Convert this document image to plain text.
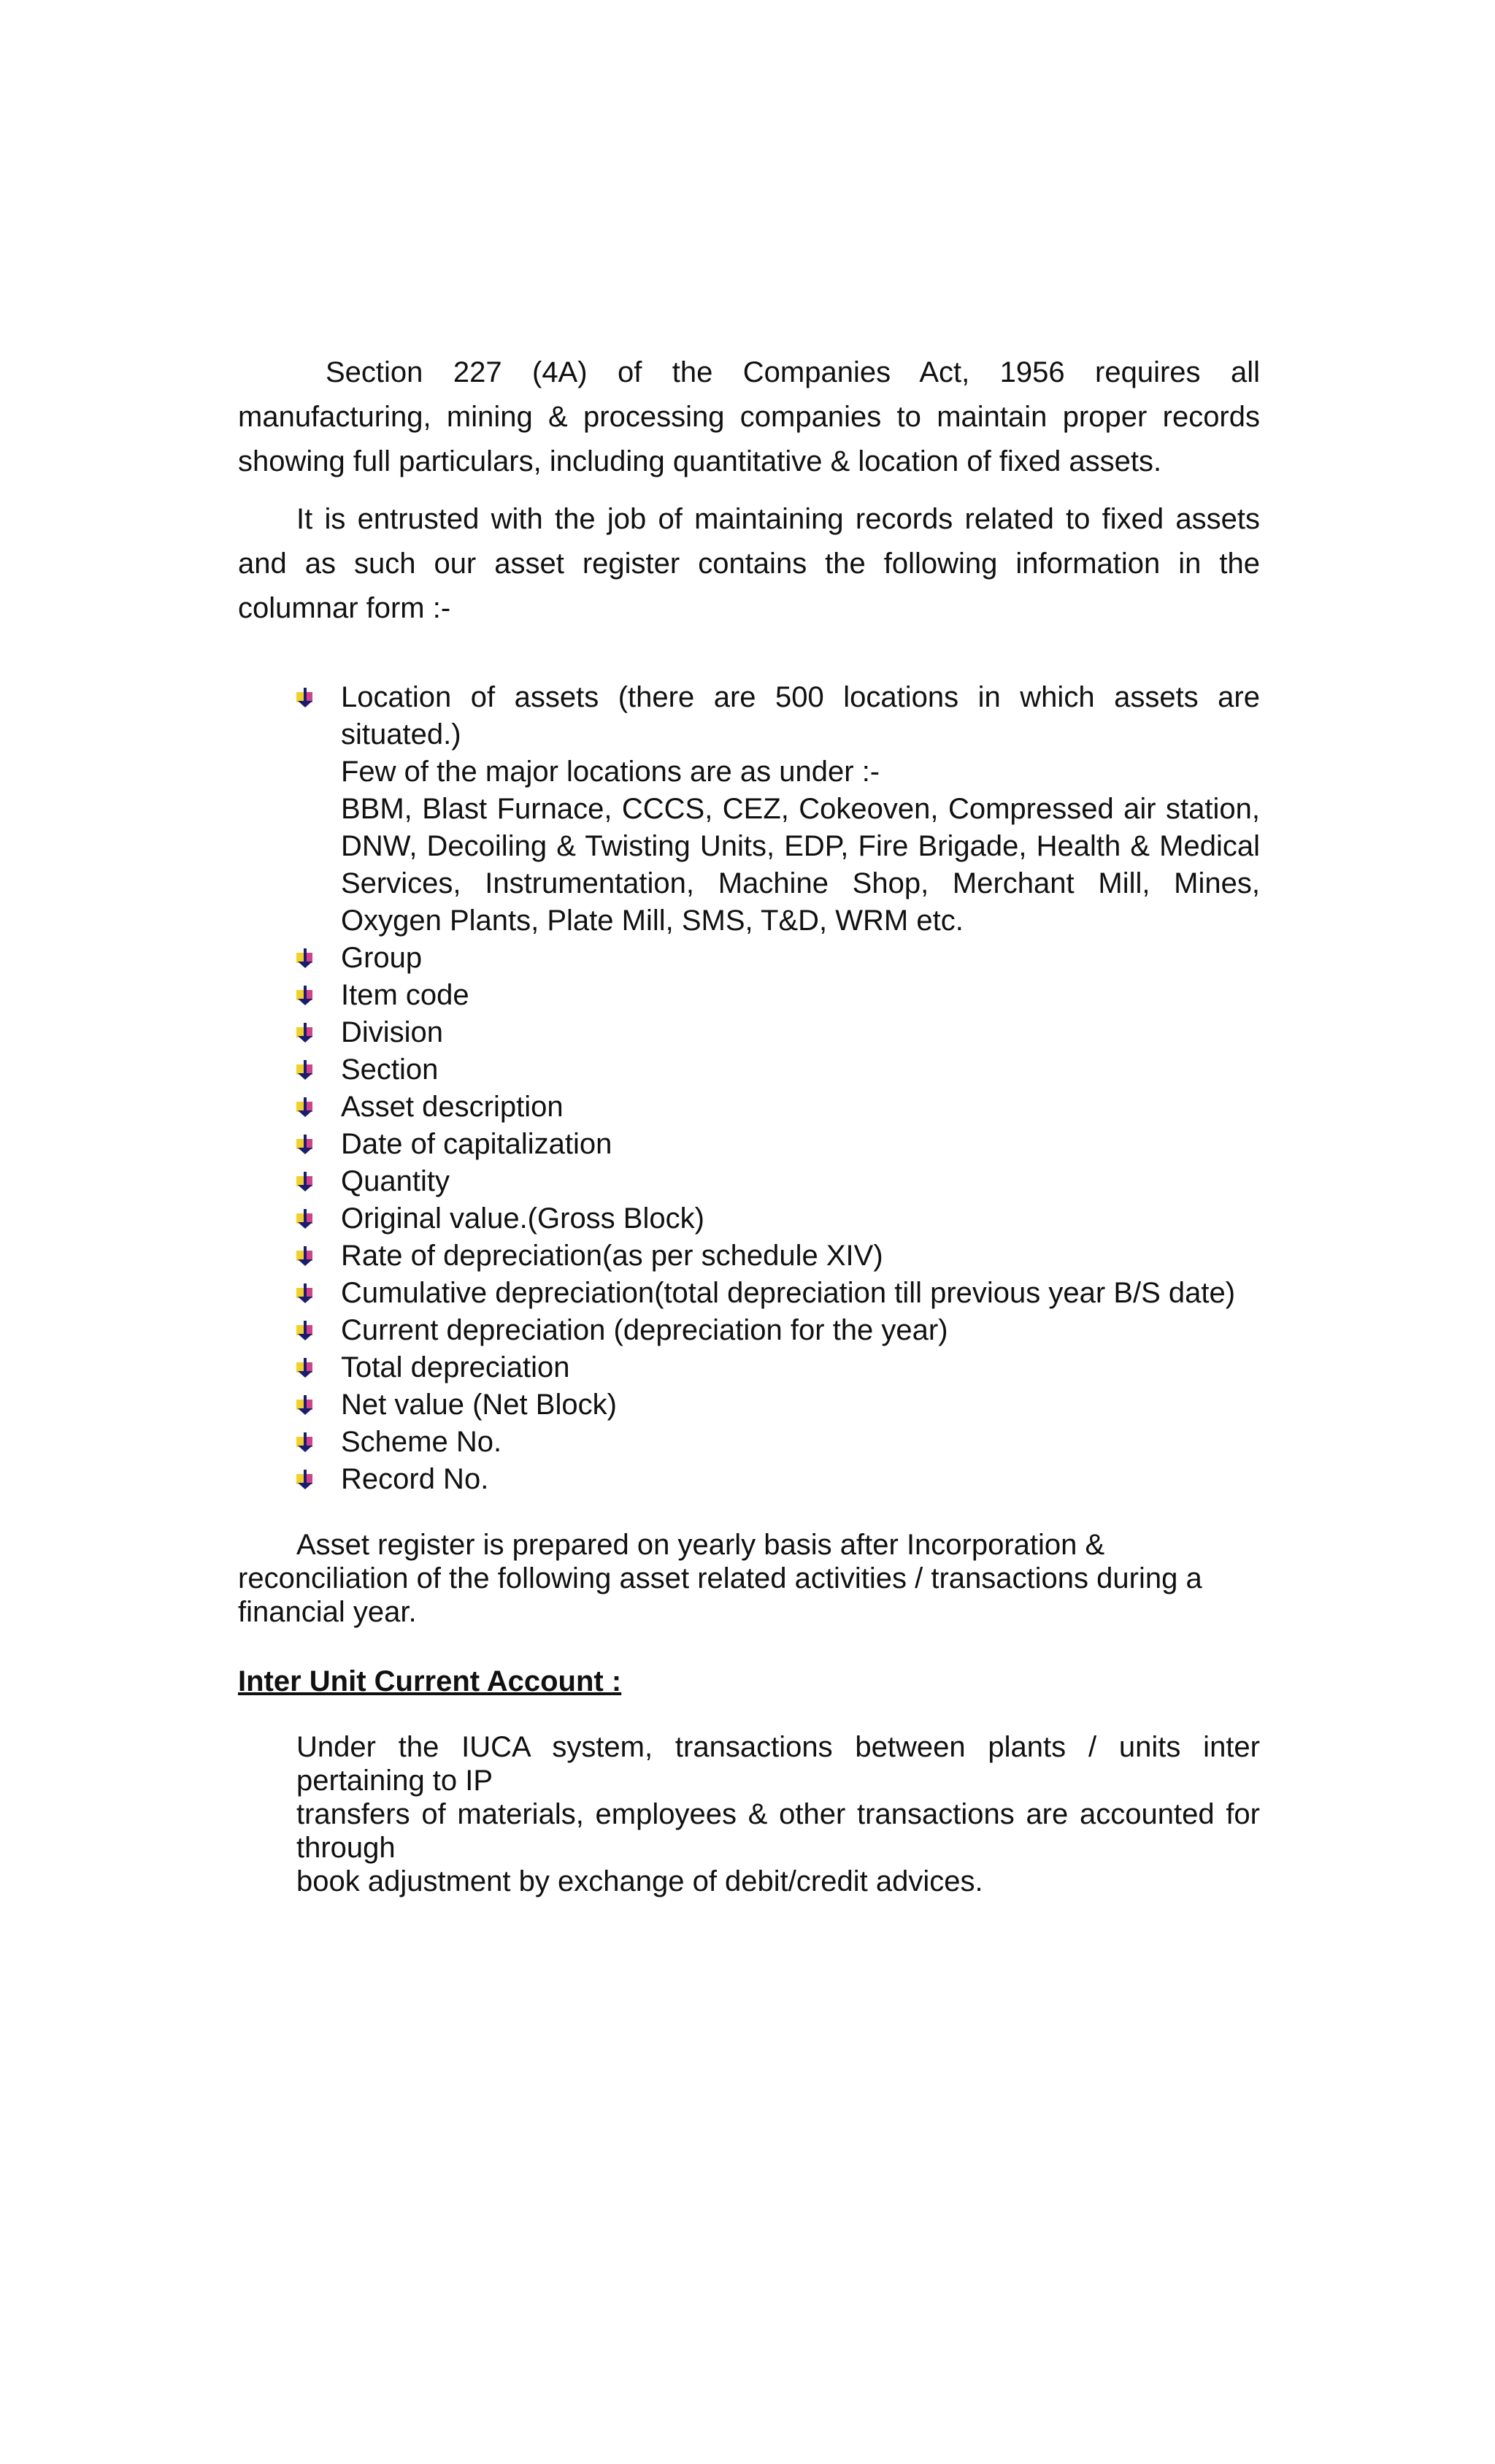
Section 227 (4A) of the Companies Act, 1956 requires all manufacturing, mining & processing companies to maintain proper records showing full particulars, including quantitative & location of fixed assets.

It is entrusted with the job of maintaining records related to fixed assets and as such our asset register contains the following information in the columnar form :-

Location of assets (there are 500 locations in which assets are situated.)
Few of the major locations are as under :-
BBM, Blast Furnace, CCCS, CEZ, Cokeoven, Compressed air station, DNW, Decoiling & Twisting Units, EDP, Fire Brigade, Health & Medical Services, Instrumentation, Machine Shop, Merchant Mill, Mines, Oxygen Plants, Plate Mill, SMS, T&D, WRM etc.
Group
Item code
Division
Section
Asset description
Date of capitalization
Quantity
Original value.(Gross Block)
Rate of depreciation(as per schedule XIV)
Cumulative depreciation(total depreciation till previous year B/S date)
Current depreciation (depreciation for the year)
Total depreciation
Net value (Net Block)
Scheme No.
Record No.

Asset register is prepared on yearly basis after Incorporation & reconciliation of the following asset related activities / transactions during a financial year.

Inter Unit Current Account :

Under the IUCA system, transactions between plants / units inter pertaining to IP
transfers of materials, employees & other transactions are accounted for through
book adjustment by exchange of debit/credit advices.
